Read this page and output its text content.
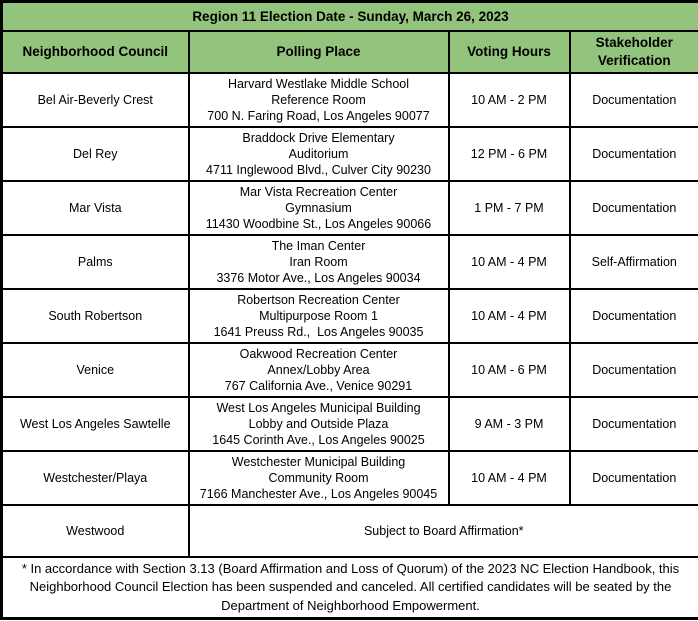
Region 11 Election Date - Sunday, March 26, 2023			
Neighborhood Council	Polling Place	Voting Hours	Stakeholder Verification
Bel Air-Beverly Crest	Harvard Westlake Middle School
Reference Room
700 N. Faring Road, Los Angeles 90077	10 AM - 2 PM	Documentation
Del Rey	Braddock Drive Elementary
Auditorium
4711 Inglewood Blvd., Culver City 90230	12 PM - 6 PM	Documentation
Mar Vista	Mar Vista Recreation Center
Gymnasium
11430 Woodbine St., Los Angeles 90066	1 PM - 7 PM	Documentation
Palms	The Iman Center
Iran Room
3376 Motor Ave., Los Angeles 90034	10 AM - 4 PM	Self-Affirmation
South Robertson	Robertson Recreation Center
Multipurpose Room 1
1641 Preuss Rd.,  Los Angeles 90035	10 AM - 4 PM	Documentation
Venice	Oakwood Recreation Center
Annex/Lobby Area
767 California Ave., Venice 90291	10 AM - 6 PM	Documentation
West Los Angeles Sawtelle	West Los Angeles Municipal Building
Lobby and Outside Plaza
1645 Corinth Ave., Los Angeles 90025	9 AM - 3 PM	Documentation
Westchester/Playa	Westchester Municipal Building
Community Room
7166 Manchester Ave., Los Angeles 90045	10 AM - 4 PM	Documentation
Westwood	Subject to Board Affirmation*		
* In accordance with Section 3.13 (Board Affirmation and Loss of Quorum) of the 2023 NC Election Handbook, this Neighborhood Council Election has been suspended and canceled. All certified candidates will be seated by the Department of Neighborhood Empowerment.			
